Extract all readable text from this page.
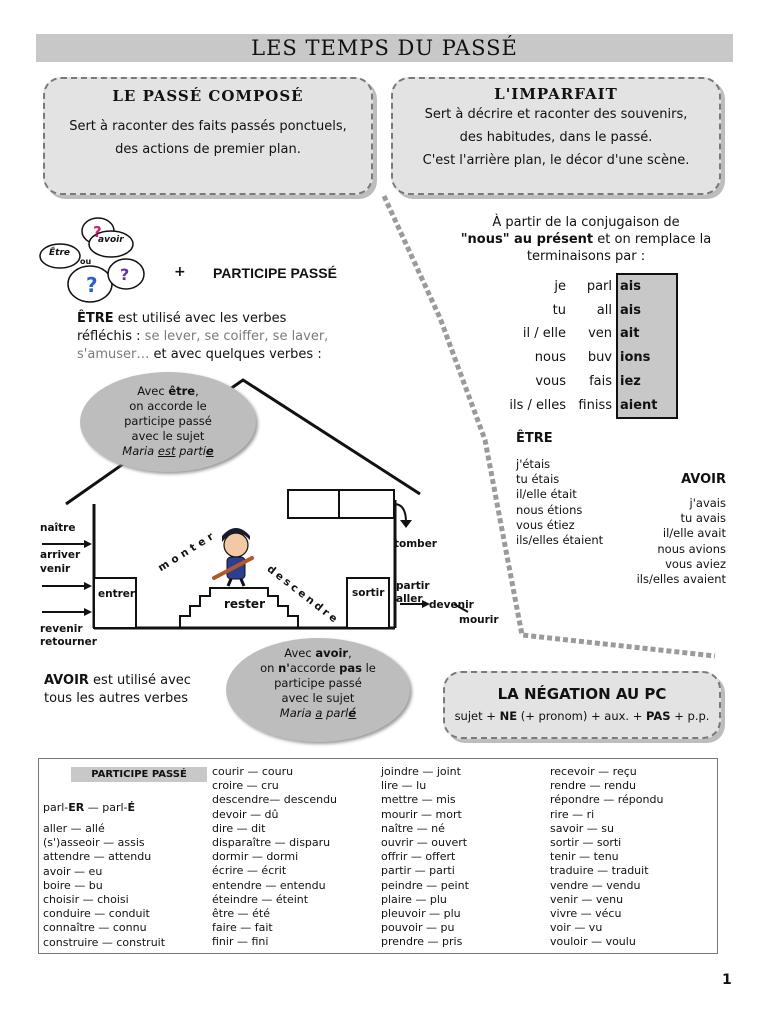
LES TEMPS DU PASSÉ
LE PASSÉ COMPOSÉ
Sert à raconter des faits passés ponctuels,
des actions de premier plan.
L'IMPARFAIT
Sert à décrire et raconter des souvenirs,
des habitudes, dans le passé.
C'est l'arrière plan, le décor d'une scène.
?
? ?
Être
avoir
ou
+ PARTICIPE PASSÉ
ÊTRE est utilisé avec les verbes
réfléchis : se lever, se coiffer, se laver,
s'amuser… et avec quelques verbes :
naître
arriver
venir
entrer
rester
sortir
tomber
partir
aller devenir
mourir
revenir
retourner
monter
descendre
Avec être,
on accorde le
participe passé
avec le sujet
Maria est partie
AVOIR est utilisé avec
tous les autres verbes
Avec avoir,
on n'accorde pas le
participe passé
avec le sujet
Maria a parlé
À partir de la conjugaison de
"nous" au présent et on remplace la
terminaisons par :
je	parl ais
tu	all ais
il / elle	ven ait
nous	buv ions
vous	fais iez
ils / elles finiss aient
ÊTRE
j'étais
tu étais
il/elle était
nous étions
vous étiez
ils/elles étaient
AVOIR
j'avais
tu avais
il/elle avait
nous avions
vous aviez
ils/elles avaient
LA NÉGATION AU PC
sujet + NE (+ pronom) + aux. + PAS + p.p.
PARTICIPE PASSÉ
parl-ER — parl-É
aller — allé
(s')asseoir — assis
attendre — attendu
avoir — eu
boire — bu
choisir — choisi
conduire — conduit
connaître — connu
construire — construit
courir — couru
croire — cru
descendre— descendu
devoir — dû
dire — dit
disparaître — disparu
dormir — dormi
écrire — écrit
entendre — entendu
éteindre — éteint
être — été
faire — fait
finir — fini
joindre — joint
lire — lu
mettre — mis
mourir — mort
naître — né
ouvrir — ouvert
offrir — offert
partir — parti
peindre — peint
plaire — plu
pleuvoir — plu
pouvoir — pu
prendre — pris
recevoir — reçu
rendre — rendu
répondre — répondu
rire — ri
savoir — su
sortir — sorti
tenir — tenu
traduire — traduit
vendre — vendu
venir — venu
vivre — vécu
voir — vu
vouloir — voulu
1
